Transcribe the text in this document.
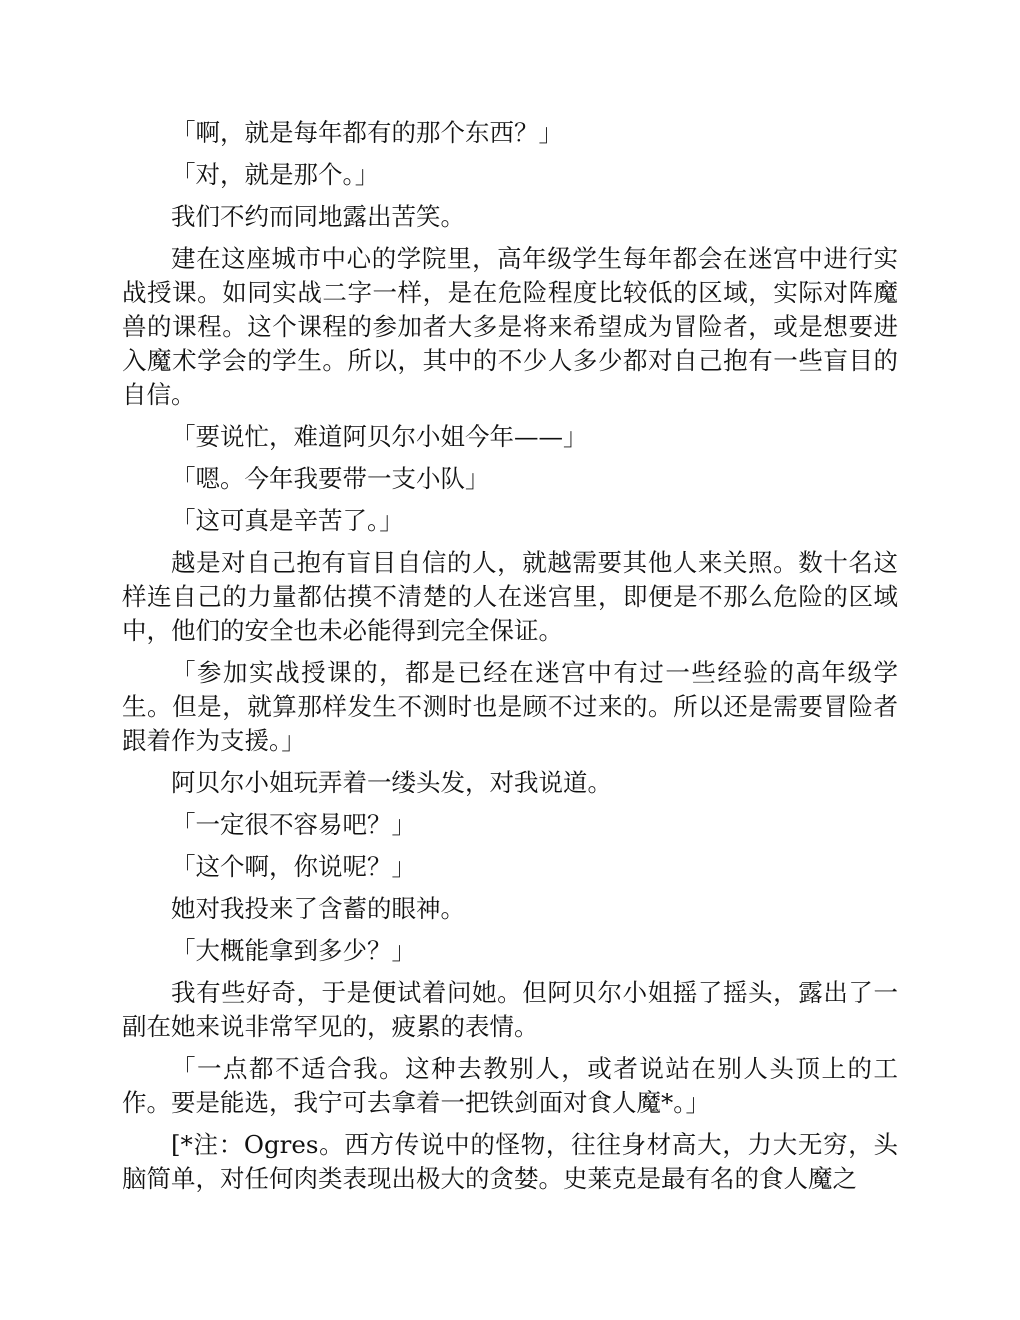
「啊，就是每年都有的那个东西？」

「对，就是那个。」

我们不约而同地露出苦笑。

建在这座城市中心的学院里，高年级学生每年都会在迷宫中进行实战授课。如同实战二字一样，是在危险程度比较低的区域，实际对阵魔兽的课程。这个课程的参加者大多是将来希望成为冒险者，或是想要进入魔术学会的学生。所以，其中的不少人多少都对自己抱有一些盲目的自信。

「要说忙，难道阿贝尔小姐今年——」

「嗯。今年我要带一支小队」

「这可真是辛苦了。」

越是对自己抱有盲目自信的人，就越需要其他人来关照。数十名这样连自己的力量都估摸不清楚的人在迷宫里，即便是不那么危险的区域中，他们的安全也未必能得到完全保证。

「参加实战授课的，都是已经在迷宫中有过一些经验的高年级学生。但是，就算那样发生不测时也是顾不过来的。所以还是需要冒险者跟着作为支援。」

阿贝尔小姐玩弄着一缕头发，对我说道。

「一定很不容易吧？」

「这个啊，你说呢？」

她对我投来了含蓄的眼神。

「大概能拿到多少？」

我有些好奇，于是便试着问她。但阿贝尔小姐摇了摇头，露出了一副在她来说非常罕见的，疲累的表情。

「一点都不适合我。这种去教别人，或者说站在别人头顶上的工作。要是能选，我宁可去拿着一把铁剑面对食人魔*。」

[*注：Ogres。西方传说中的怪物，往往身材高大，力大无穷，头脑简单，对任何肉类表现出极大的贪婪。史莱克是最有名的食人魔之
